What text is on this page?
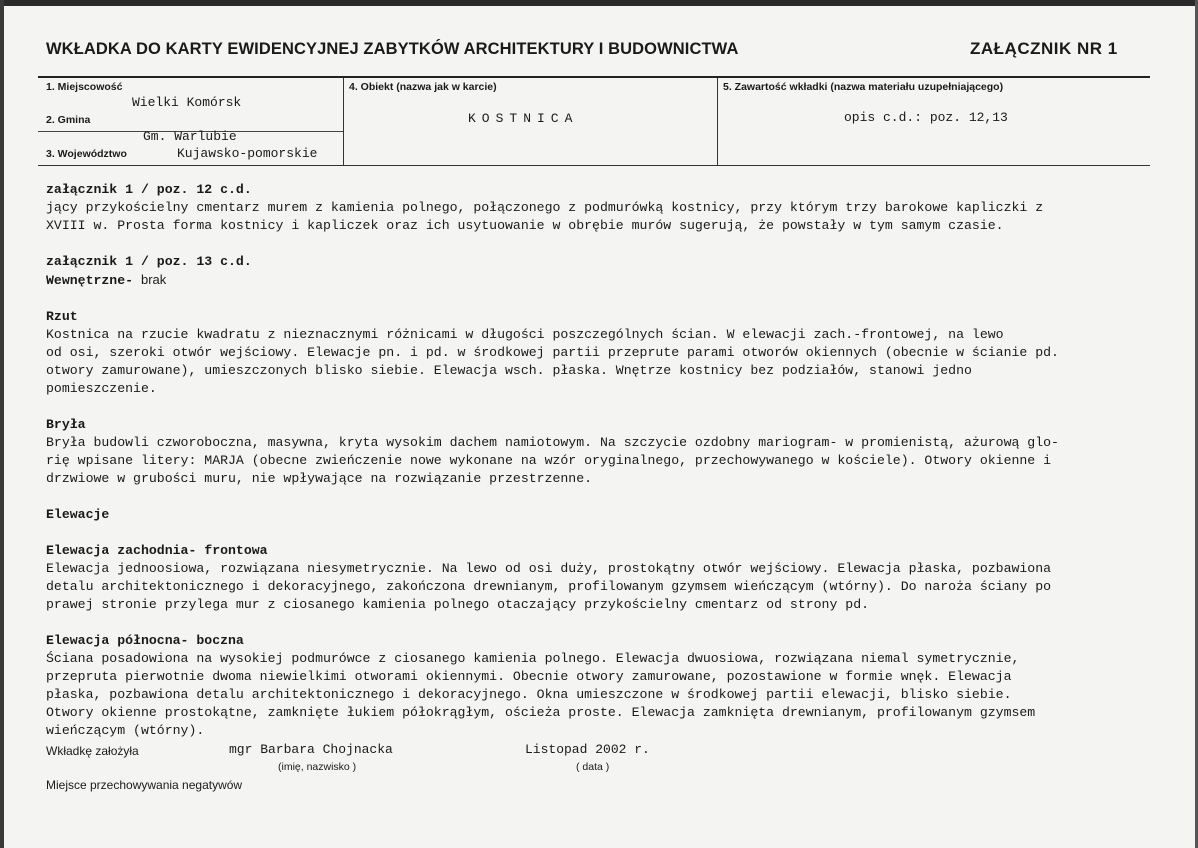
WKŁADKA DO KARTY EWIDENCYJNEJ ZABYTKÓW ARCHITEKTURY I BUDOWNICTWA	ZAŁĄCZNIK NR 1
1. Miejscowość
Wielki Komórsk
2. Gmina
Gm. Warlubie
3. Województwo	Kujawsko-pomorskie
4. Obiekt (nazwa jak w karcie)
KOSTNICA
5. Zawartość wkładki (nazwa materiału uzupełniającego)
opis c.d.: poz. 12,13

załącznik 1 / poz. 12 c.d.

jący przykościelny cmentarz murem z kamienia polnego, połączonego z podmurówką kostnicy, przy którym trzy barokowe kapliczki z

XVIII w. Prosta forma kostnicy i kapliczek oraz ich usytuowanie w obrębie murów sugerują, że powstały w tym samym czasie.

załącznik 1 / poz. 13 c.d.

Wewnętrzne- brak

Rzut

Kostnica na rzucie kwadratu z nieznacznymi różnicami w długości poszczególnych ścian. W elewacji zach.-frontowej, na lewo

od osi, szeroki otwór wejściowy. Elewacje pn. i pd. w środkowej partii przeprute parami otworów okiennych (obecnie w ścianie pd.

otwory zamurowane), umieszczonych blisko siebie. Elewacja wsch. płaska. Wnętrze kostnicy bez podziałów, stanowi jedno

pomieszczenie.

Bryła

Bryła budowli czworoboczna, masywna, kryta wysokim dachem namiotowym. Na szczycie ozdobny mariogram- w promienistą, ażurową glo-

rię wpisane litery: MARJA (obecne zwieńczenie nowe wykonane na wzór oryginalnego, przechowywanego w kościele). Otwory okienne i

drzwiowe w grubości muru, nie wpływające na rozwiązanie przestrzenne.

Elewacje

Elewacja zachodnia- frontowa

Elewacja jednoosiowa, rozwiązana niesymetrycznie. Na lewo od osi duży, prostokątny otwór wejściowy. Elewacja płaska, pozbawiona

detalu architektonicznego i dekoracyjnego, zakończona drewnianym, profilowanym gzymsem wieńczącym (wtórny). Do naroża ściany po

prawej stronie przylega mur z ciosanego kamienia polnego otaczający przykościelny cmentarz od strony pd.

Elewacja północna- boczna

Ściana posadowiona na wysokiej podmurówce z ciosanego kamienia polnego. Elewacja dwuosiowa, rozwiązana niemal symetrycznie,

przepruta pierwotnie dwoma niewielkimi otworami okiennymi. Obecnie otwory zamurowane, pozostawione w formie wnęk. Elewacja

płaska, pozbawiona detalu architektonicznego i dekoracyjnego. Okna umieszczone w środkowej partii elewacji, blisko siebie.

Otwory okienne prostokątne, zamknięte łukiem półokrągłym, ościeża proste. Elewacja zamknięta drewnianym, profilowanym gzymsem

wieńczącym (wtórny).

Wkładkę założyła	mgr Barbara Chojnacka
(imię, nazwisko )
Listopad 2002 r.
( data )
Miejsce przechowywania negatywów
